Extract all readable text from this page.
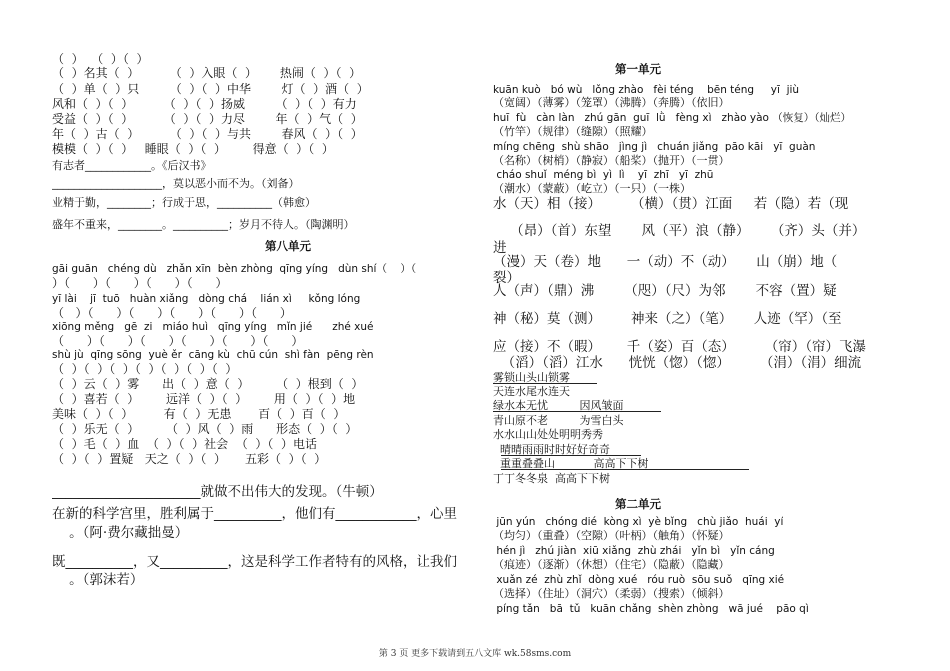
（  ）  （  ）（  ）
（  ）名其（  ）        （  ）入眼（  ）      热闹（  ）（  ）
（  ）单（  ）只        （  ）（  ）中华        灯（  ）酒（  ）
风和（  ）（  ）        （  ）（  ）扬威        （  ）（  ）有力
受益（  ）（  ）        （  ）（  ）力尽        年（  ）气（  ）
年（  ）古（  ）        （  ）（  ）与共        春风（  ）（  ）
模模（  ）（  ）   睡眼（  ）（  ）       得意（  ）（  ）
有志者____________。《后汉书》
____________________，莫以恶小而不为。（刘备）
业精于勤，________；行成于思，__________（韩愈）
盛年不重来，________。__________；岁月不待人。（陶渊明）
第八单元
gāi guān   chéng dù   zhǎn xīn  bèn zhòng  qīng yíng   dùn shí（    ）（
）（      ）（      ）（      ）（      ）
yī lài    jī  tuō   huàn xiǎng   dòng chá    lián xì     kǒng lóng
（   ）（      ）（      ）（      ）（      ）（      ）
xiōng měng   gē  zi   miáo huì   qīng yíng   mǐn jié      zhé xué
（      ）（      ）（      ）（      ）（      ）（      ）
shù jù  qīng sōng  yuè ěr  cāng kù  chū cún  shì fàn  pēng rèn
（  ）（  ）（  ）（  ）（  ）（  ）（  ）
（  ）云（  ）雾      出（  ）意（  ）       （  ）根到（  ）
（  ）喜若（  ）       远洋（  ）（  ）       用（  ）（  ）地
美味（  ）（  ）        有（  ）无患       百（  ）百（  ）
（  ）乐无（  ）       （  ）风（  ）雨      形态（  ）（  ）
（  ）毛（  ）血  （  ）（  ）社会  （  ）（  ）电话
（  ）（  ）置疑   天之（  ）（  ）     五彩（  ）（  ）
______________________就做不出伟大的发现。（牛顿）
在新的科学宫里，胜利属于__________，他们有____________，心里
。（阿·费尔藏拙曼）
既__________，又__________，这是科学工作者特有的风格，让我们
。（郭沫若）
第一单元
kuān kuò   bó wù   lǒng zhào   fèi téng    bēn téng     yī  jiù
（宽阔）（薄雾）（笼罩）（沸腾）（奔腾）（依旧）
huī  fù   càn làn   zhú gān  guī  lǜ   fèng xì   zhào yào （恢复）（灿烂）
（竹竿）（规律）（缝隙）（照耀）
míng chēng  shù shāo   jìng jì   chuán jiǎng  pāo kāi   yī  guàn
（名称）（树梢）（静寂）（船桨）（抛开）（一贯）
cháo shuǐ  méng bì  yì  lì    yī  zhī   yī  zhū
（潮水）（蒙蔽）（屹立）（一只）（一株）
水（天）相（接）       （横）（贯）江面     若（隐）若（现
（昂）（首）东望       风（平）浪（静）     （齐）头（并）
进
（漫）天（卷）地      一（动）不（动）     山（崩）地（
裂）
人（声）（鼎）沸       （咫）（尺）为邻       不容（置）疑
神（秘）莫（测）       神来（之）（笔）     人迹（罕）（至
应（接）不（暇）      千（姿）百（态）       （帘）（帘）飞瀑
（滔）（滔）江水      恍恍（惚）（惚）       （涓）（涓）细流
雾锁山头山锁雾
天连水尾水连天
绿水本无忧         因风皱面
青山原不老         为雪白头
水水山山处处明明秀秀
晴晴雨雨时时好好奇奇
重重叠叠山           高高下下树
丁丁冬冬泉  高高下下树
第二单元
jūn yún   chóng dié  kòng xì  yè bǐng   chù jiǎo  huái  yí
（均匀）（重叠）（空隙）（叶柄）（触角）（怀疑）
hén jì   zhú jiàn  xiū xiǎng  zhù zhái   yǐn bì   yǐn cáng
（痕迹）（逐渐）（休想）（住宅）（隐蔽）（隐藏）
xuǎn zé  zhù zhǐ  dòng xué   róu ruò  sōu suǒ   qīng xié
（选择）（住址）（洞穴）（柔弱）（搜索）（倾斜）
píng tǎn   bā  tǔ   kuān chǎng  shèn zhòng   wā jué    pāo qì
第 3 页 更多下载请到五八文库 wk.58sms.com
